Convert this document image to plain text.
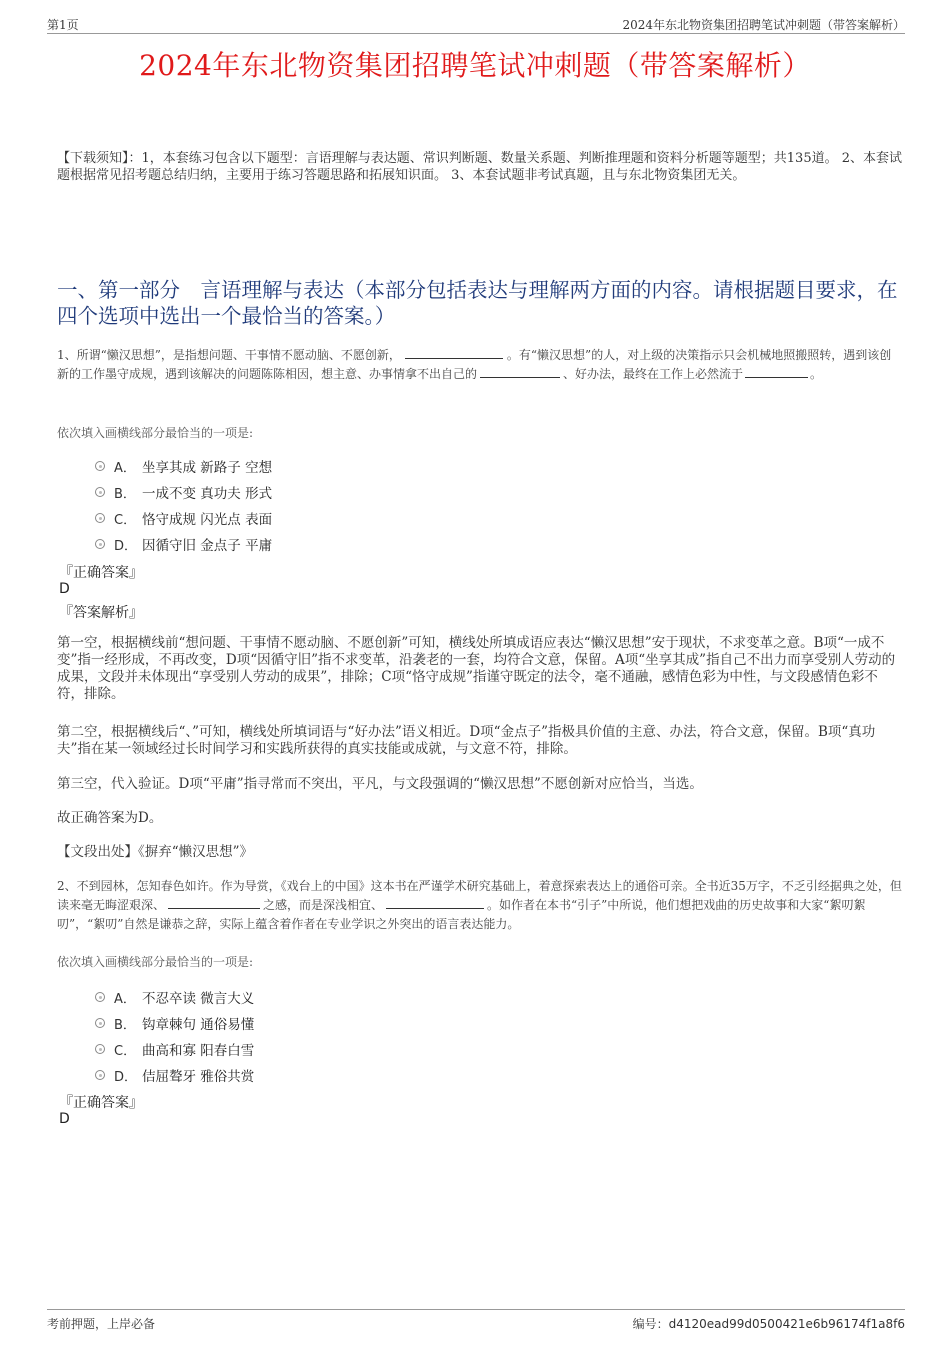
第1页	2024年东北物资集团招聘笔试冲刺题（带答案解析）
2024年东北物资集团招聘笔试冲刺题（带答案解析）
【下载须知】：1，本套练习包含以下题型：言语理解与表达题、常识判断题、数量关系题、判断推理题和资料分析题等题型；共135道。 2、本套试题根据常见招考题总结归纳，主要用于练习答题思路和拓展知识面。 3、本套试题非考试真题，且与东北物资集团无关。
一、第一部分　言语理解与表达（本部分包括表达与理解两方面的内容。请根据题目要求，在四个选项中选出一个最恰当的答案。）
1、所谓“懒汉思想”，是指想问题、干事情不愿动脑、不愿创新，	。有“懒汉思想”的人，对上级的决策指示只会机械地照搬照转，遇到该创新的工作墨守成规，遇到该解决的问题陈陈相因，想主意、办事情拿不出自己的	、好办法，最终在工作上必然流于	。
依次填入画横线部分最恰当的一项是:
A． 坐享其成 新路子 空想
B． 一成不变 真功夫 形式
C． 恪守成规 闪光点 表面
D． 因循守旧 金点子 平庸
『正确答案』
D
『答案解析』
第一空，根据横线前“想问题、干事情不愿动脑、不愿创新”可知，横线处所填成语应表达“懒汉思想”安于现状，不求变革之意。B项“一成不变”指一经形成，不再改变，D项“因循守旧”指不求变革，沿袭老的一套，均符合文意，保留。A项“坐享其成”指自己不出力而享受别人劳动的成果，文段并未体现出“享受别人劳动的成果”，排除；C项“恪守成规”指谨守既定的法令，毫不通融，感情色彩为中性，与文段感情色彩不符，排除。
第二空，根据横线后“、”可知，横线处所填词语与“好办法”语义相近。D项“金点子”指极具价值的主意、办法，符合文意，保留。B项“真功夫”指在某一领域经过长时间学习和实践所获得的真实技能或成就，与文意不符，排除。
第三空，代入验证。D项“平庸”指寻常而不突出，平凡，与文段强调的“懒汉思想”不愿创新对应恰当，当选。
故正确答案为D。
【文段出处】《摒弃“懒汉思想”》
2、不到园林，怎知春色如许。作为导赏，《戏台上的中国》这本书在严谨学术研究基础上，着意探索表达上的通俗可亲。全书近35万字，不乏引经据典之处，但读来毫无晦涩艰深、	之感，而是深浅相宜、	。如作者在本书“引子”中所说，他们想把戏曲的历史故事和大家“絮叨絮叨”，“絮叨”自然是谦恭之辞，实际上蕴含着作者在专业学识之外突出的语言表达能力。
依次填入画横线部分最恰当的一项是:
A． 不忍卒读 微言大义
B． 钩章棘句 通俗易懂
C． 曲高和寡 阳春白雪
D． 佶屈聱牙 雅俗共赏
『正确答案』
D
考前押题，上岸必备	编号：d4120ead99d0500421e6b96174f1a8f6
